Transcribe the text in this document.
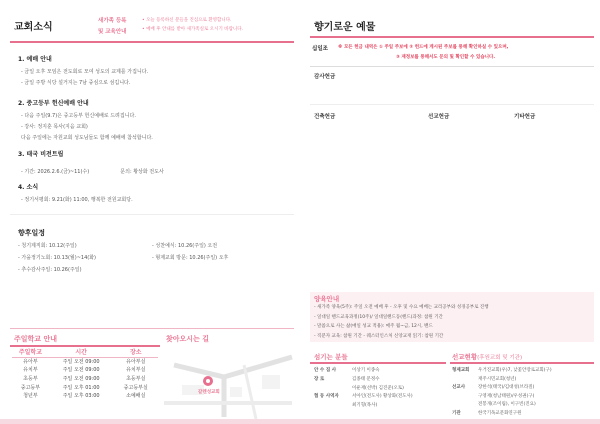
교회소식
새가족 등록
및 교육안내
• 오늘 등록하신 분들을 진심으로 환영합니다.
• 예배 후 안내를 받아 새가족실로 오시기 바랍니다.
1. 예배 안내
- 금일 오후 모임은 전도회로 모여 성도의 교제를 가집니다.
- 금일 주방 식당 설거지는 7남 중심으로 섬깁니다.
2. 중고등부 헌신예배 안내
- 다음 주일(9.7)은 중고등부 헌신예배로 드려집니다.
- 강사: 정지훈 목사(지음 교회)
다음 주일에는 자원교회 성도님들도 함께 예배에 참석합니다.
3. 태국 비전트립
- 기간: 2026.2.6.(금)~11(수)	문의: 황상화 전도사
4. 소식
- 정기서평회: 9.21(화) 11:00, 행복한 전원교회당.
향후일정
- 청기제직회: 10.12(주일)
- 가을정기노회: 10.13(월)~14(화)
- 추수감사주일: 10.26(주일)
- 성찬예식: 10.26(주일) 오전
- 형제교회 방문: 10.26(주일) 오후
주일학교 안내
주일학교	시간	장소
유아부	주일 오전 09:00	유아부실
유치부	주일 오전 09:00	유치부실
초등부	주일 오전 09:00	초등부실
중고등부	주일 오후 01:00	중고등부실
청년부	주일 오후 03:00	소예배실
찾아오시는 길
갈렌성교회
향기로운 예물
십일조 ※ 모든 헌금 내역은 ① 주일 주보에 ② 헌드에 게시된 주보를 통해 확인하실 수 있으며,
③ 재정보를 통해서도 문의 및 확인할 수 있습니다.
감사헌금
건축헌금	선교헌금	기타헌금
양육안내
- 새가족 양육(5주): 주일 오전 예배 후 - 오후 및 수요 예배는 교리공부와 성경공부로 진행
- 일대일 핸드교육과정(10주)/ 일대일핸드동(핸드)과정: 참원 기간
- 말씀으로 사는 삶(매일 성교 적용): 매주 월~금, 12시, 밴드
- 직분자 교육: 참원 기간 - 퀘스터인스처 신앙교재 읽기: 참원 기간
섬기는 분들
안 수 집 사	이상기 이종숙
장 로	김종태 문정수
이운재(선박) 김진준(오토)
협 동 사역자	서아인(전도사) 황상화(전도사)
최기형(목사)
선교현황(후원교회 및 기관)
형제교회 우거진교회(우)7, 낮꽃안장로교회(구)
재주시민교회(청년)
선교사	장한석(태국)/김대성(브라질)
구영재(청남태원)/우성권(구)
전봉개(조이림), 이구빈(진요)
기관	한국기독교문화연구원
